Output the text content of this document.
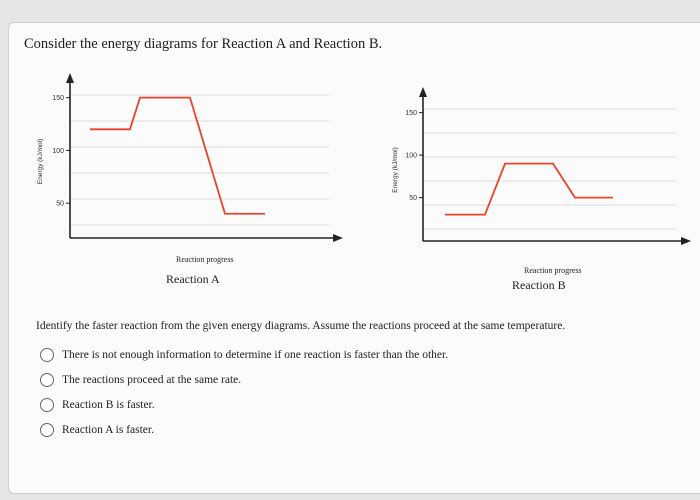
Consider the energy diagrams for Reaction A and Reaction B.
50
100
150
Energy (kJ/mol)
Reaction progress
Reaction A
50
100
150
Energy (kJ/mol)
Reaction progress
Reaction B
Identify the faster reaction from the given energy diagrams. Assume the reactions proceed at the same temperature.
There is not enough information to determine if one reaction is faster than the other.
The reactions proceed at the same rate.
Reaction B is faster.
Reaction A is faster.
